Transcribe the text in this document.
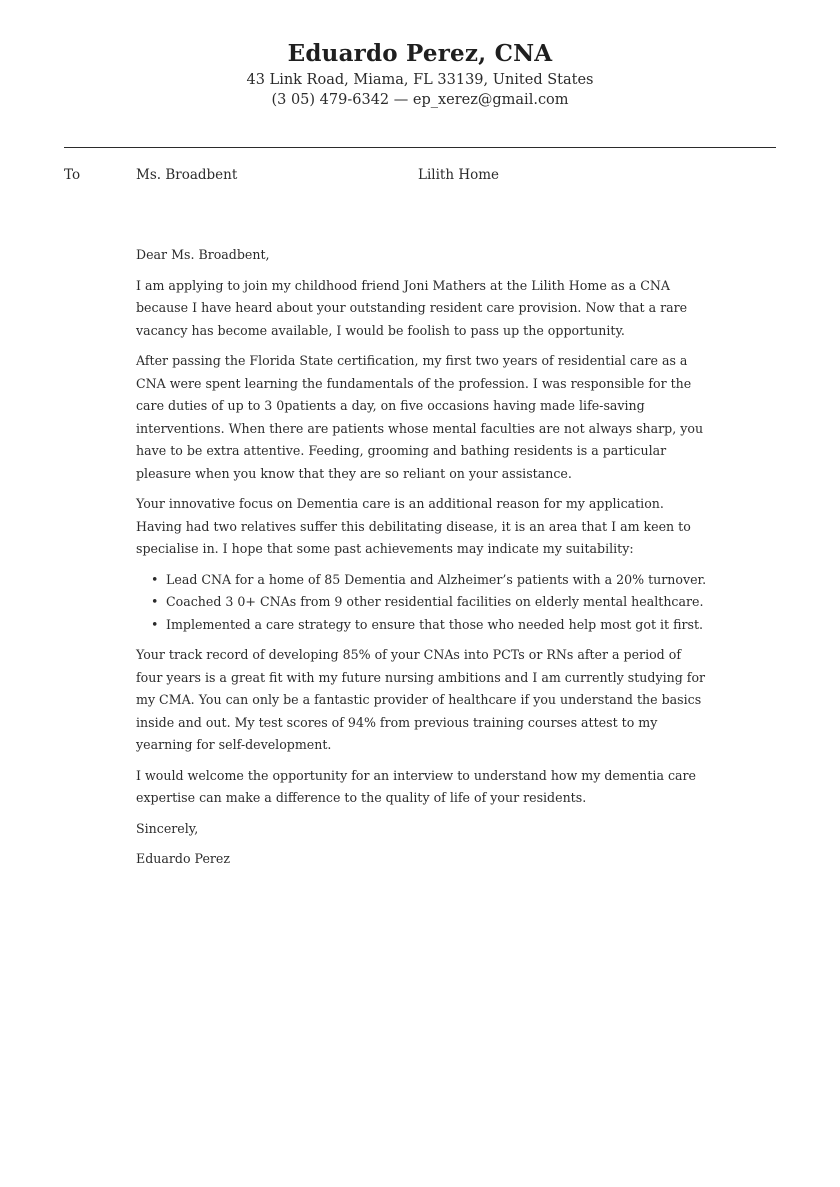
Eduardo Perez, CNA
43 Link Road, Miama, FL 33139, United States
(3 05) 479-6342 — ep_xerez@gmail.com
To	Ms. Broadbent	Lilith Home

Dear Ms. Broadbent,

I am applying to join my childhood friend Joni Mathers at the Lilith Home as a CNA because I have heard about your outstanding resident care provision. Now that a rare vacancy has become available, I would be foolish to pass up the opportunity.

After passing the Florida State certification, my first two years of residential care as a CNA were spent learning the fundamentals of the profession. I was responsible for the care duties of up to 3 0patients a day, on five occasions having made life-saving interventions. When there are patients whose mental faculties are not always sharp, you have to be extra attentive. Feeding, grooming and bathing residents is a particular pleasure when you know that they are so reliant on your assistance.

Your innovative focus on Dementia care is an additional reason for my application. Having had two relatives suffer this debilitating disease, it is an area that I am keen to specialise in. I hope that some past achievements may indicate my suitability:

• Lead CNA for a home of 85 Dementia and Alzheimer’s patients with a 20% turnover.
• Coached 3 0+ CNAs from 9 other residential facilities on elderly mental healthcare.
• Implemented a care strategy to ensure that those who needed help most got it first.

Your track record of developing 85% of your CNAs into PCTs or RNs after a period of four years is a great fit with my future nursing ambitions and I am currently studying for my CMA. You can only be a fantastic provider of healthcare if you understand the basics inside and out. My test scores of 94% from previous training courses attest to my yearning for self-development.

I would welcome the opportunity for an interview to understand how my dementia care expertise can make a difference to the quality of life of your residents.

Sincerely,

Eduardo Perez
